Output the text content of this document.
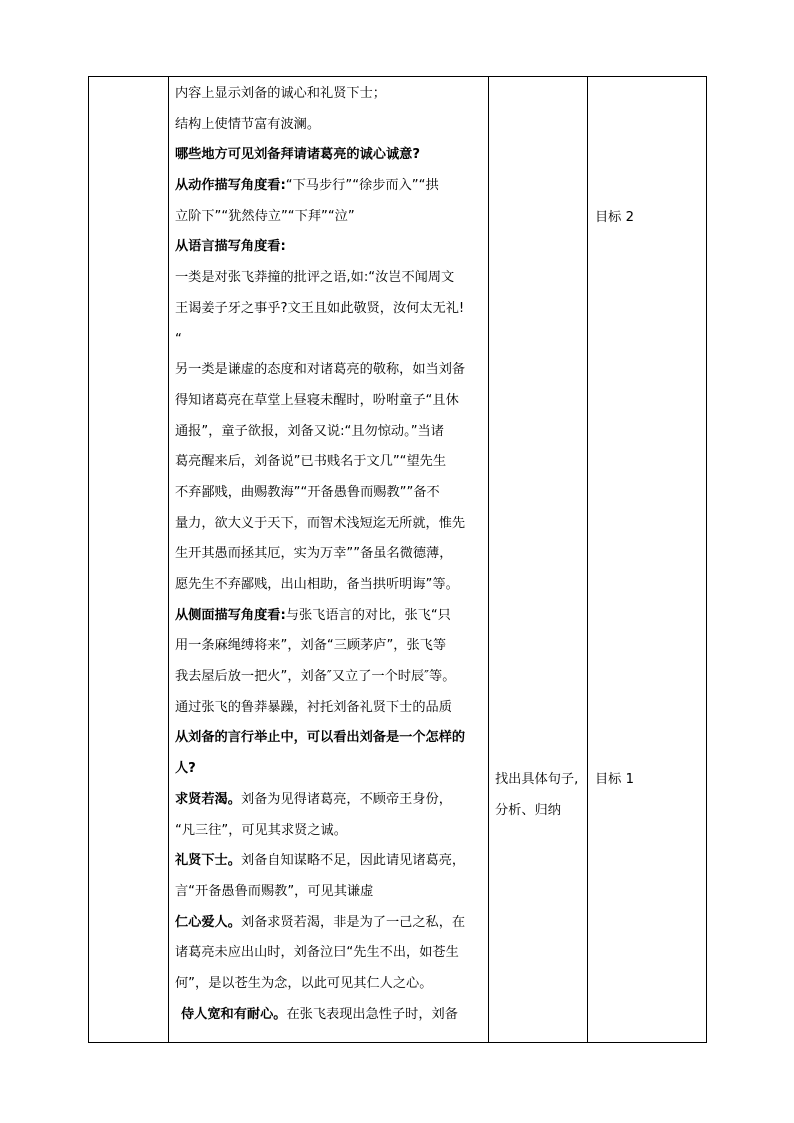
内容上显示刘备的诚心和礼贤下士；
结构上使情节富有波澜。
哪些地方可见刘备拜请诸葛亮的诚心诚意?
从动作描写角度看:“下马步行”“徐步而入”“拱
立阶下”“犹然侍立”“下拜”“泣”
从语言描写角度看:
一类是对张飞莽撞的批评之语,如:“汝岂不闻周文
王谒姜子牙之事乎?文王且如此敬贤，汝何太无礼!
“
另一类是谦虚的态度和对诸葛亮的敬称，如当刘备
得知诸葛亮在草堂上昼寝未醒时，吩咐童子“且休
通报”，童子欲报，刘备又说:“且勿惊动。”当诸
葛亮醒来后，刘备说”已书贱名于文几”“望先生
不弃鄙贱，曲赐教海”“开备愚鲁而赐教””备不
量力，欲大义于天下，而智术浅短迄无所就，惟先
生开其愚而拯其厄，实为万幸””备虽名微德薄，
愿先生不弃鄙贱，出山相助，备当拱听明诲”等。
从侧面描写角度看:与张飞语言的对比，张飞“只
用一条麻绳缚将来”，刘备“三顾茅庐”，张飞等
我去屋后放一把火”，刘备″又立了一个时辰″等。
通过张飞的鲁莽暴躁，衬托刘备礼贤下士的品质
从刘备的言行举止中，可以看出刘备是一个怎样的
人?
求贤若渴。刘备为见得诸葛亮，不顾帝王身份，
“凡三往”，可见其求贤之诚。
礼贤下士。刘备自知谋略不足，因此请见诸葛亮，
言“开备愚鲁而赐教”，可见其谦虚
仁心爱人。刘备求贤若渴，非是为了一己之私，在
诸葛亮未应出山时，刘备泣曰“先生不出，如苍生
何”，是以苍生为念，以此可见其仁人之心。
侍人宽和有耐心。在张飞表现出急性子时，刘备
找出具体句子,
分析、归纳
目标 2
目标 1
